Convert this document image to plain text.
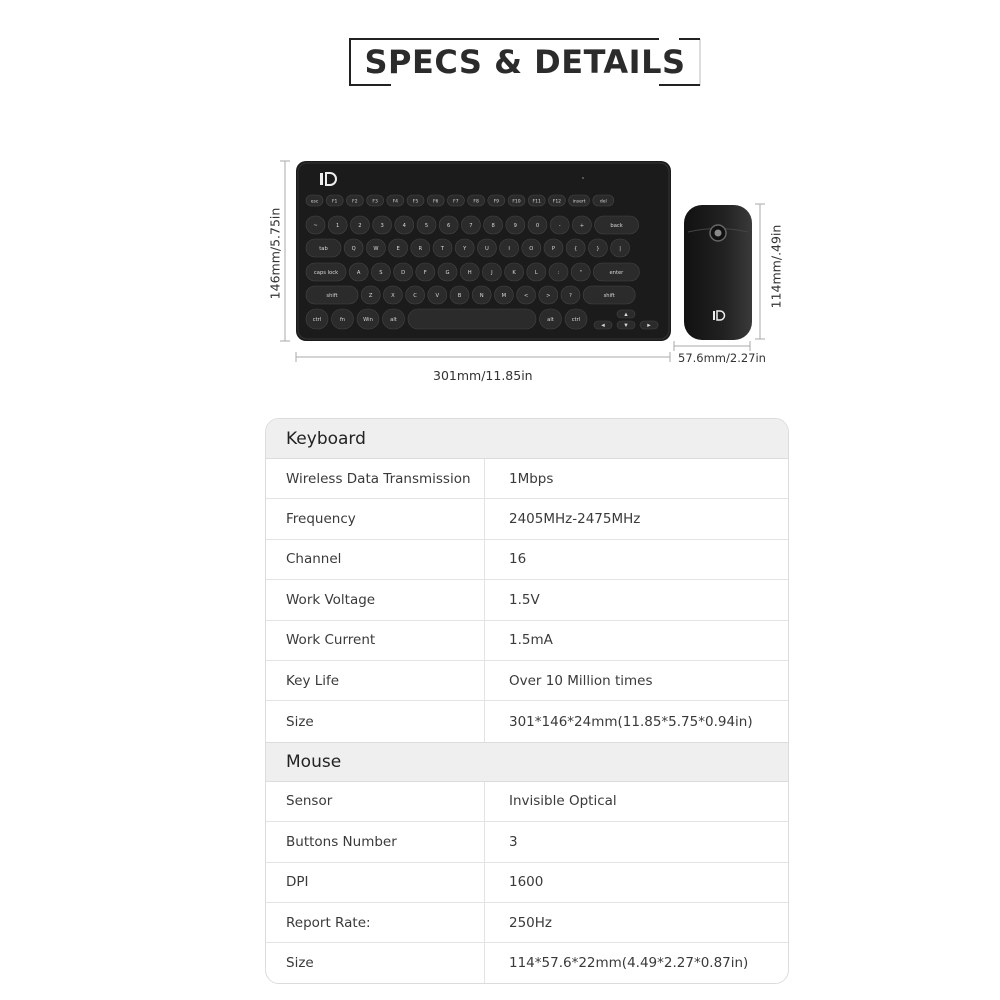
SPECS & DETAILS
esc	F1	F2	F3	F4	F5	F6	F7	F8	F9	F10	F11	F12	insert	del
~	1	2	3	4	5	6	7	8	9	0	-	+	back
tab	Q	W	E	R	T	Y	U	I	O	P	{	}	|
caps lock	A	S	D	F	G	H	J	K	L	:	"	enter
shift	Z	X	C	V	B	N	M	<	>	?	shift
ctrl	fn	Win	alt	alt	ctrl
▲
◀	▼	▶
146mm/5.75in
301mm/11.85in
114mm/.49in
57.6mm/2.27in
Keyboard
Wireless Data Transmission	1Mbps
Frequency	2405MHz-2475MHz
Channel	16
Work Voltage	1.5V
Work Current	1.5mA
Key Life	Over 10 Million times
Size	301*146*24mm(11.85*5.75*0.94in)
Mouse
Sensor	Invisible Optical
Buttons Number	3
DPI	1600
Report Rate:	250Hz
Size	114*57.6*22mm(4.49*2.27*0.87in)
